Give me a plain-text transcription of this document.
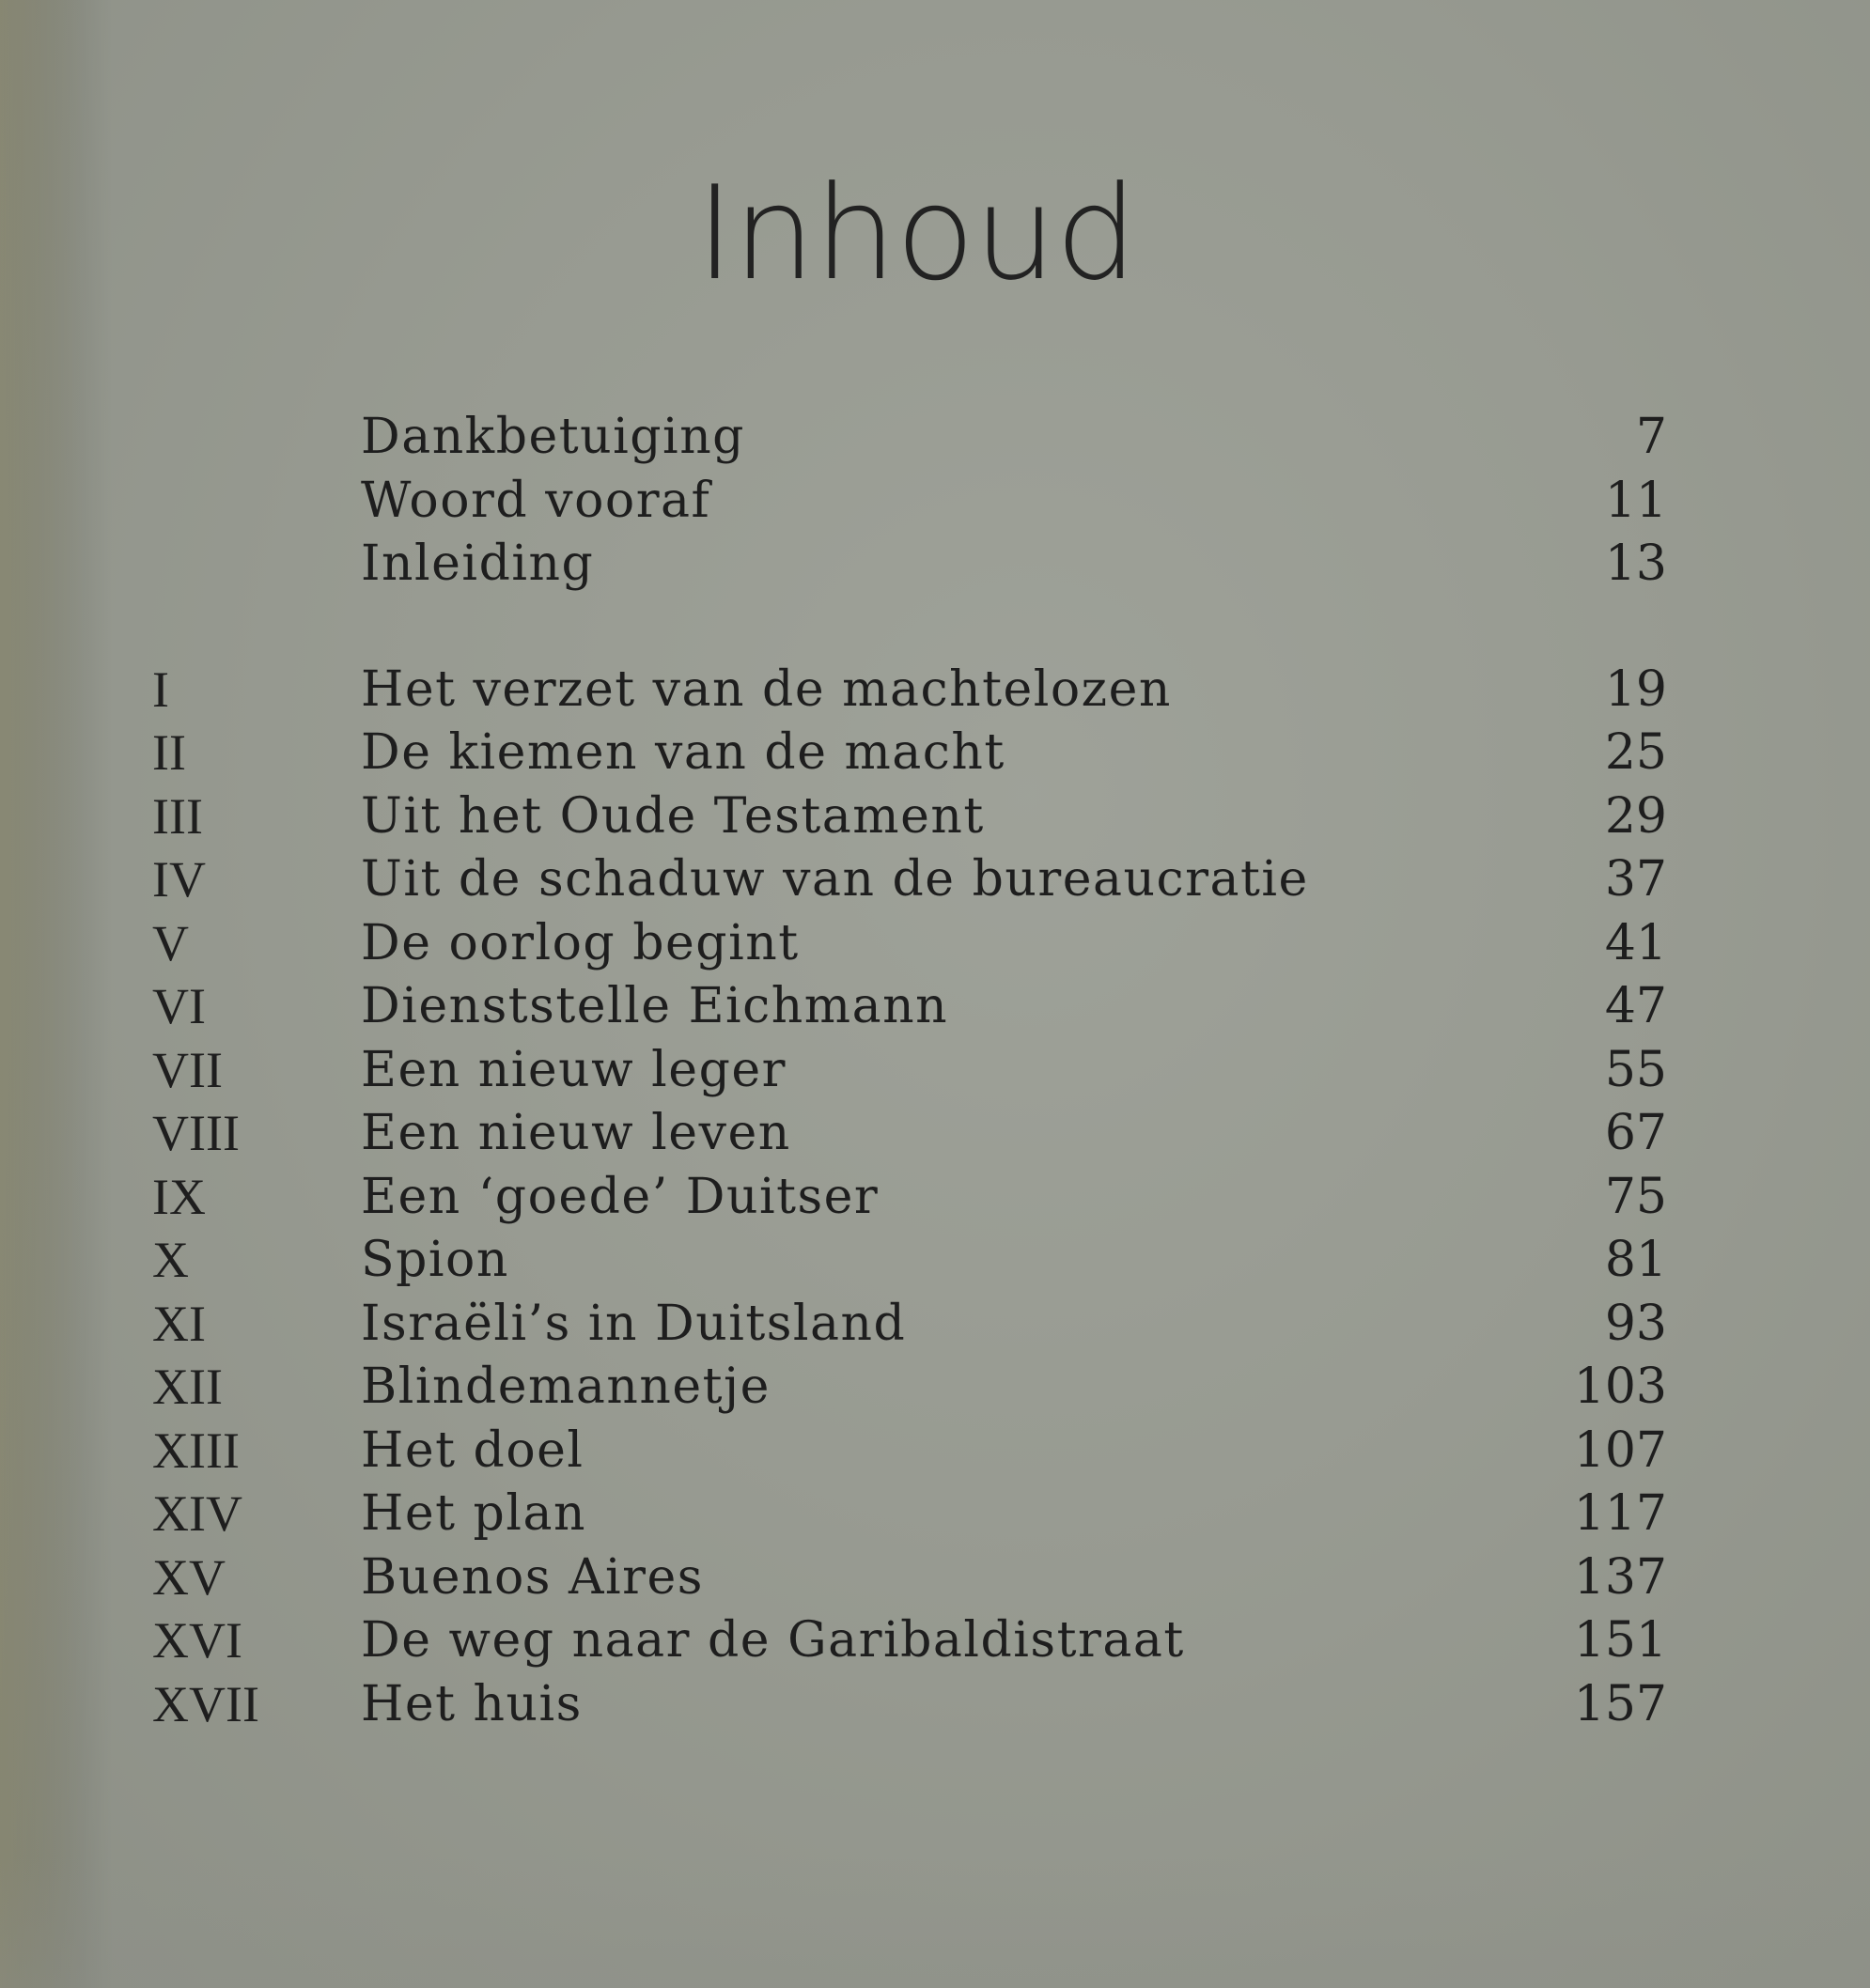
Inhoud
Dankbetuiging	7
Woord vooraf	11
Inleiding	13
I	Het verzet van de machtelozen	19
II	De kiemen van de macht	25
III	Uit het Oude Testament	29
IV	Uit de schaduw van de bureaucratie	37
V	De oorlog begint	41
VI	Dienststelle Eichmann	47
VII	Een nieuw leger	55
VIII Een nieuw leven	67
IX	Een ‘goede’ Duitser	75
X	Spion	81
XI	Israëli’s in Duitsland	93
XII	Blindemannetje	103
XIII Het doel	107
XIV Het plan	117
XV	Buenos Aires	137
XVI De weg naar de Garibaldistraat	151
XVII Het huis	157
